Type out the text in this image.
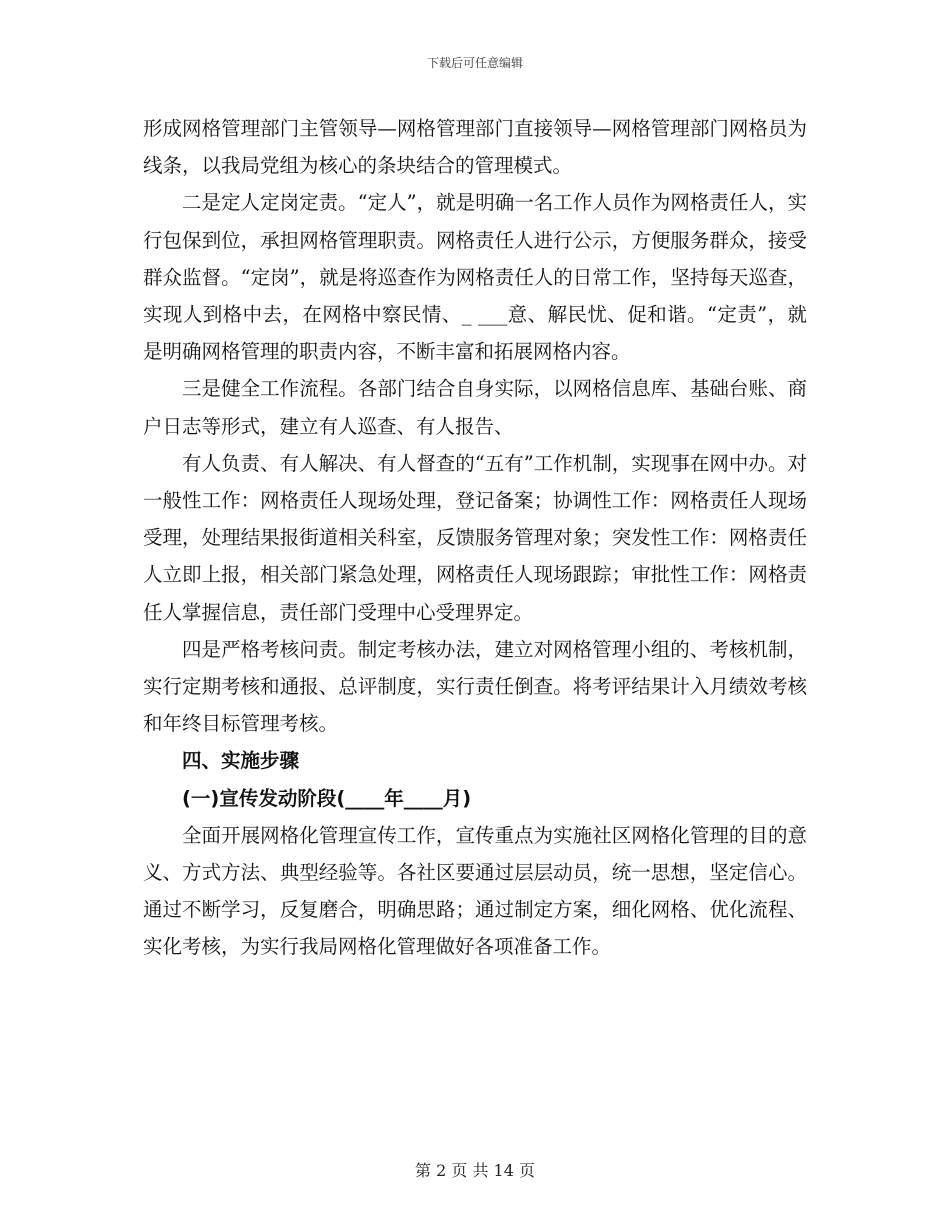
下载后可任意编辑

形成网格管理部门主管领导—网格管理部门直接领导—网格管理部门网格员为线条，以我局党组为核心的条块结合的管理模式。

二是定人定岗定责。“定人”，就是明确一名工作人员作为网格责任人，实行包保到位，承担网格管理职责。网格责任人进行公示，方便服务群众，接受群众监督。“定岗”，就是将巡查作为网格责任人的日常工作，坚持每天巡查，实现人到格中去，在网格中察民情、_ ___意、解民忧、促和谐。“定责”，就是明确网格管理的职责内容，不断丰富和拓展网格内容。

三是健全工作流程。各部门结合自身实际，以网格信息库、基础台账、商户日志等形式，建立有人巡查、有人报告、

有人负责、有人解决、有人督查的“五有”工作机制，实现事在网中办。对一般性工作：网格责任人现场处理，登记备案；协调性工作：网格责任人现场受理，处理结果报街道相关科室，反馈服务管理对象；突发性工作：网格责任人立即上报，相关部门紧急处理，网格责任人现场跟踪；审批性工作：网格责任人掌握信息，责任部门受理中心受理界定。

四是严格考核问责。制定考核办法，建立对网格管理小组的、考核机制，实行定期考核和通报、总评制度，实行责任倒查。将考评结果计入月绩效考核和年终目标管理考核。

四、实施步骤

(一)宣传发动阶段(____年____月)

全面开展网格化管理宣传工作，宣传重点为实施社区网格化管理的目的意义、方式方法、典型经验等。各社区要通过层层动员，统一思想，坚定信心。通过不断学习，反复磨合，明确思路；通过制定方案，细化网格、优化流程、实化考核，为实行我局网格化管理做好各项准备工作。

第 2 页 共 14 页
